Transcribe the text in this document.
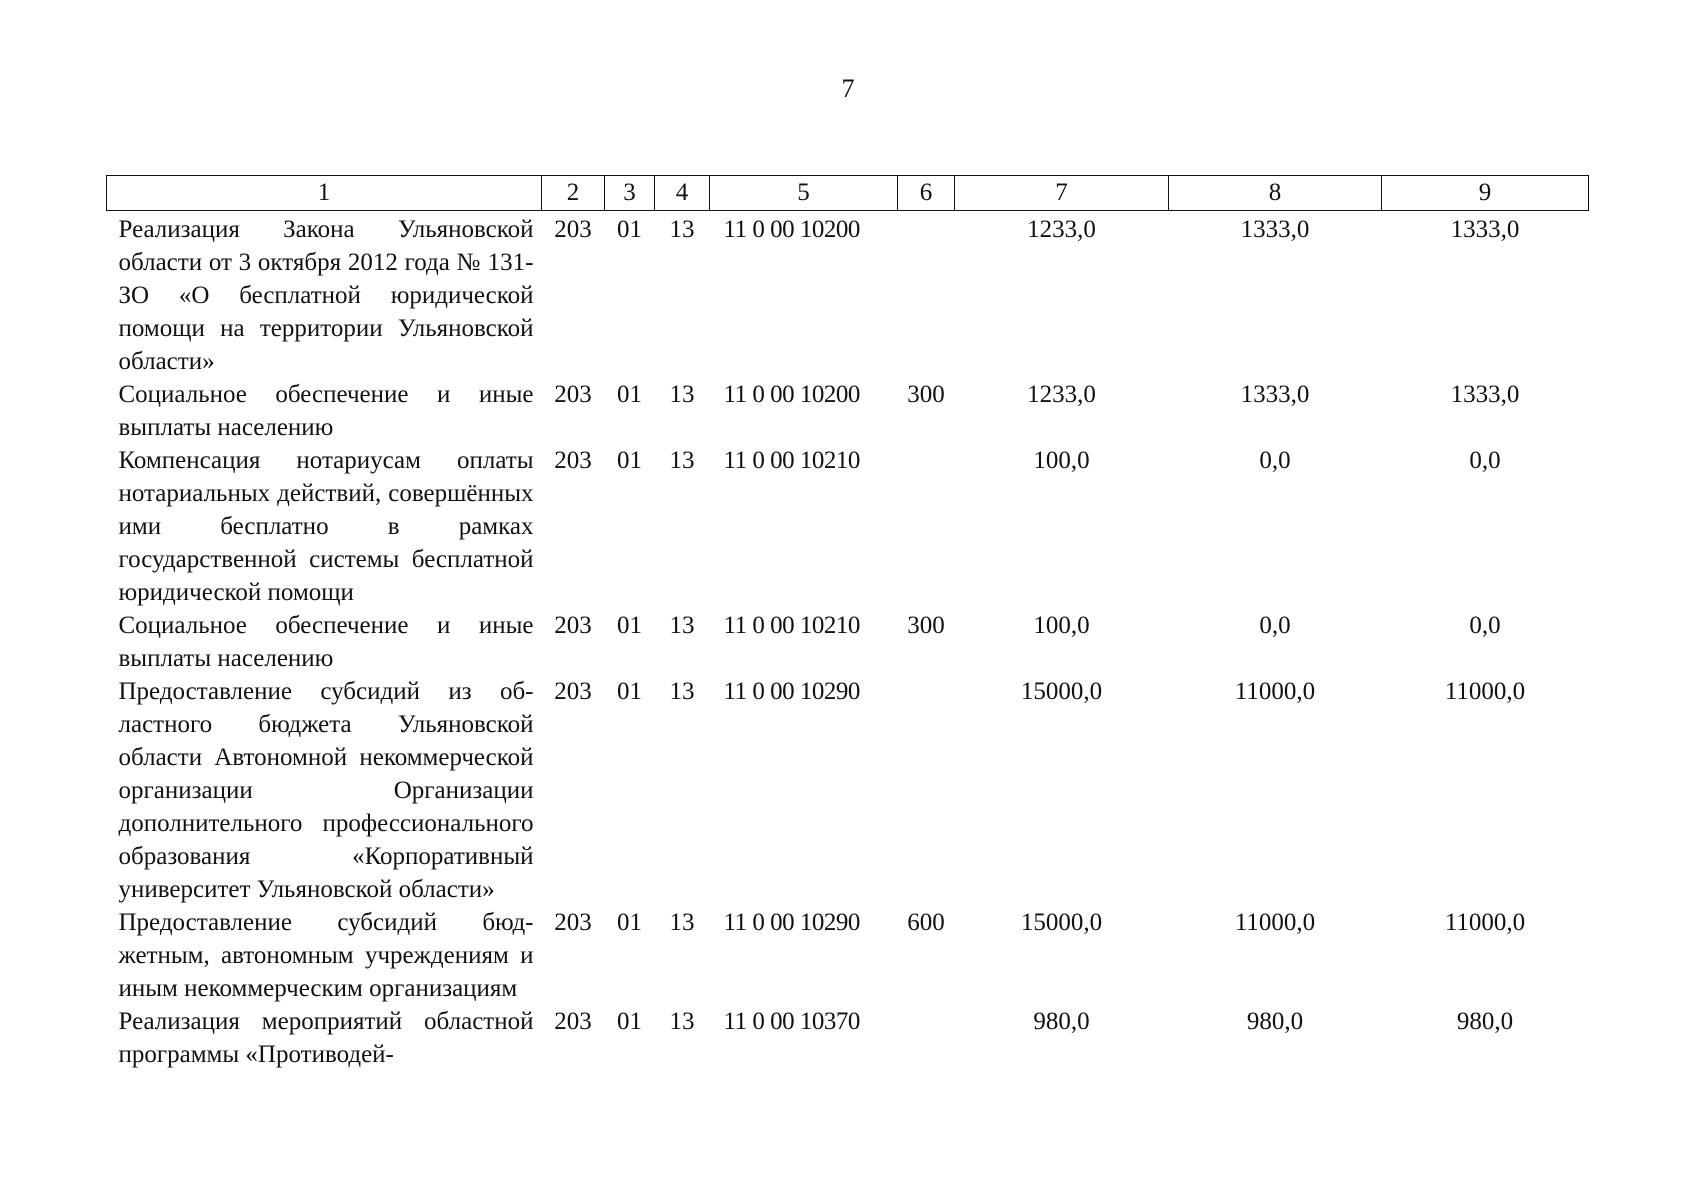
7
1	2	3	4	5	6	7	8	9
Реализация Закона Ульяновской области от 3 октября 2012 года № 131-ЗО «О бесплатной юридической помощи на территории Ульяновской области»	203	01	13	11 0 00 10200		1233,0	1333,0	1333,0
Социальное обеспечение и иные выплаты населению	203	01	13	11 0 00 10200	300	1233,0	1333,0	1333,0
Компенсация нотариусам оплаты нотариальных действий, совершённых ими бесплатно в рамках государственной системы бесплатной юридической помощи	203	01	13	11 0 00 10210		100,0	0,0	0,0
Социальное обеспечение и иные выплаты населению	203	01	13	11 0 00 10210	300	100,0	0,0	0,0
Предоставление субсидий из областного бюджета Ульяновской области Автономной некоммерческой организации Организации дополнительного профессионального образования «Корпоративный университет Ульяновской области»	203	01	13	11 0 00 10290		15000,0	11000,0	11000,0
Предоставление субсидий бюджетным, автономным учреждениям и иным некоммерческим организациям	203	01	13	11 0 00 10290	600	15000,0	11000,0	11000,0
Реализация мероприятий областной программы «Противодей-	203	01	13	11 0 00 10370		980,0	980,0	980,0
